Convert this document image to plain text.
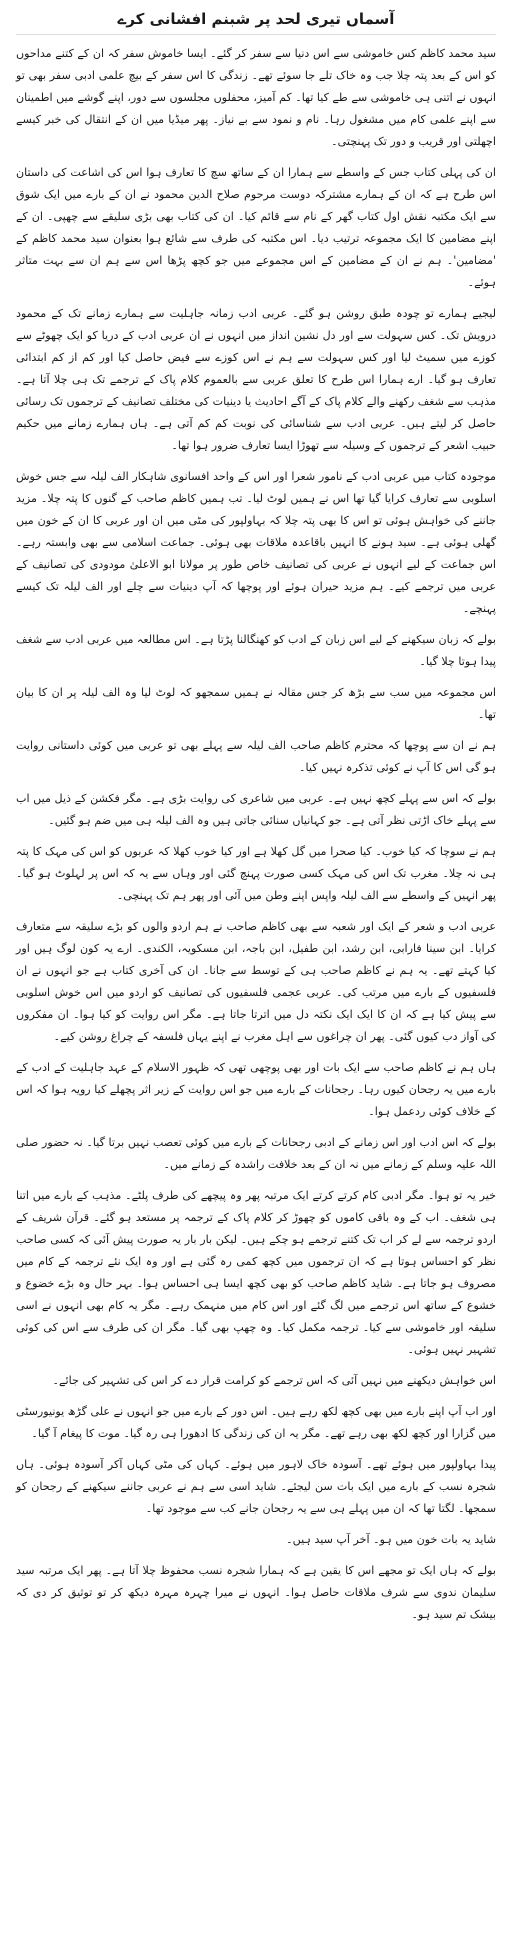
آسماں تیری لحد پر شبنم افشانی کرے

سید محمد کاظم کس خاموشی سے اس دنیا سے سفر کر گئے۔ ایسا خاموش سفر کہ ان کے کتنے مداحوں کو اس کے بعد پتہ چلا جب وہ خاک تلے جا سوئے تھے۔ زندگی کا اس سفر کے بیچ علمی ادبی سفر بھی تو انہوں نے اتنی ہی خاموشی سے طے کیا تھا۔ کم آمیز، محفلوں مجلسوں سے دور، اپنے گوشے میں اطمینان سے اپنے علمی کام میں مشغول رہا۔ نام و نمود سے بے نیاز۔ پھر میڈیا میں ان کے انتقال کی خبر کیسے اچھلتی اور قریب و دور تک پہنچتی۔

ان کی پہلی کتاب جس کے واسطے سے ہمارا ان کے ساتھ سچ کا تعارف ہوا اس کی اشاعت کی داستان اس طرح ہے کہ ان کے ہمارے مشترکہ دوست مرحوم صلاح الدین محمود نے ان کے بارے میں ایک شوق سے ایک مکتبہ نقش اول کتاب گھر کے نام سے قائم کیا۔ ان کی کتاب بھی بڑی سلیقے سے چھپی۔ ان کے اپنے مضامین کا ایک مجموعہ ترتیب دیا۔ اس مکتبہ کی طرف سے شائع ہوا بعنوان سید محمد کاظم کے 'مضامین'۔ ہم نے ان کے مضامین کے اس مجموعے میں جو کچھ پڑھا اس سے ہم ان سے بہت متاثر ہوئے۔

لیجیے ہمارے تو چودہ طبق روشن ہو گئے۔ عربی ادب زمانہ جاہلیت سے ہمارے زمانے تک کے محمود درویش تک۔ کس سہولت سے اور دل نشین انداز میں انہوں نے ان عربی ادب کے دریا کو ایک چھوٹے سے کوزے میں سمیٹ لیا اور کس سہولت سے ہم نے اس کوزے سے فیض حاصل کیا اور کم از کم ابتدائی تعارف ہو گیا۔ ارے ہمارا اس طرح کا تعلق عربی سے بالعموم کلام پاک کے ترجمے تک ہی چلا آتا ہے۔ مذہب سے شغف رکھنے والے کلام پاک کے آگے احادیث یا دینیات کی مختلف تصانیف کے ترجموں تک رسائی حاصل کر لیتے ہیں۔ عربی ادب سے شناسائی کی نوبت کم کم آتی ہے۔ ہاں ہمارے زمانے میں حکیم حبیب اشعر کے ترجموں کے وسیلہ سے تھوڑا ایسا تعارف ضرور ہوا تھا۔

موجودہ کتاب میں عربی ادب کے نامور شعرا اور اس کے واحد افسانوی شاہکار الف لیلہ سے جس خوش اسلوبی سے تعارف کرایا گیا تھا اس نے ہمیں لوٹ لیا۔ تب ہمیں کاظم صاحب کے گنوں کا پتہ چلا۔ مزید جاننے کی خواہش ہوئی تو اس کا بھی پتہ چلا کہ بہاولپور کی مٹی میں ان اور عربی کا ان کے خون میں گھلی ہوئی ہے۔ سید ہونے کا انہیں باقاعدہ ملاقات بھی ہوئی۔ جماعت اسلامی سے بھی وابستہ رہے۔ اس جماعت کے لیے انہوں نے عربی کی تصانیف خاص طور پر مولانا ابو الاعلیٰ مودودی کی تصانیف کے عربی میں ترجمے کیے۔ ہم مزید حیران ہوئے اور پوچھا کہ آپ دینیات سے چلے اور الف لیلہ تک کیسے پہنچے۔

بولے کہ زبان سیکھنے کے لیے اس زبان کے ادب کو کھنگالنا پڑتا ہے۔ اس مطالعہ میں عربی ادب سے شغف پیدا ہوتا چلا گیا۔

اس مجموعہ میں سب سے بڑھ کر جس مقالہ نے ہمیں سمجھو کہ لوٹ لیا وہ الف لیلہ پر ان کا بیان تھا۔

ہم نے ان سے پوچھا کہ محترم کاظم صاحب الف لیلہ سے پہلے بھی تو عربی میں کوئی داستانی روایت ہو گی اس کا آپ نے کوئی تذکرہ نہیں کیا۔

بولے کہ اس سے پہلے کچھ نہیں ہے۔ عربی میں شاعری کی روایت بڑی ہے۔ مگر فکشن کے ذیل میں اب سے پہلے خاک اڑتی نظر آتی ہے۔ جو کہانیاں سنائی جاتی ہیں وہ الف لیلہ ہی میں ضم ہو گئیں۔

ہم نے سوچا کہ کیا خوب۔ کیا صحرا میں گل کھلا ہے اور کیا خوب کھلا کہ عربوں کو اس کی مہک کا پتہ ہی نہ چلا۔ مغرب تک اس کی مہک کسی صورت پہنچ گئی اور وہاں سے یہ کہ اس پر لہلوٹ ہو گیا۔ پھر انہیں کے واسطے سے الف لیلہ واپس اپنے وطن میں آئی اور پھر ہم تک پہنچی۔

عربی ادب و شعر کے ایک اور شعبہ سے بھی کاظم صاحب نے ہم اردو والوں کو بڑے سلیقہ سے متعارف کرایا۔ ابن سینا فارابی، ابن رشد، ابن طفیل، ابن باجہ، ابن مسکویہ، الکندی۔ ارے یہ کون لوگ ہیں اور کیا کہتے تھے۔ یہ ہم نے کاظم صاحب ہی کے توسط سے جانا۔ ان کی آخری کتاب ہے جو انہوں نے ان فلسفیوں کے بارے میں مرتب کی۔ عربی عجمی فلسفیوں کی تصانیف کو اردو میں اس خوش اسلوبی سے پیش کیا ہے کہ ان کا ایک ایک نکتہ دل میں اترتا جاتا ہے۔ مگر اس روایت کو کیا ہوا۔ ان مفکروں کی آواز دب کیوں گئی۔ پھر ان چراغوں سے اہل مغرب نے اپنے یہاں فلسفہ کے چراغ روشن کیے۔

ہاں ہم نے کاظم صاحب سے ایک بات اور بھی پوچھی تھی کہ ظہور الاسلام کے عہد جاہلیت کے ادب کے بارے میں یہ رجحان کیوں رہا۔ رجحانات کے بارے میں جو اس روایت کے زیر اثر پچھلے کیا رویہ ہوا کہ اس کے خلاف کوئی ردعمل ہوا۔

بولے کہ اس ادب اور اس زمانے کے ادبی رجحانات کے بارے میں کوئی تعصب نہیں برتا گیا۔ نہ حضور صلی اللہ علیہ وسلم کے زمانے میں نہ ان کے بعد خلافت راشدہ کے زمانے میں۔

خیر یہ تو ہوا۔ مگر ادبی کام کرتے کرتے ایک مرتبہ پھر وہ پیچھے کی طرف پلٹے۔ مذہب کے بارے میں اتنا ہی شغف۔ اب کے وہ باقی کاموں کو چھوڑ کر کلام پاک کے ترجمہ پر مستعد ہو گئے۔ قرآن شریف کے اردو ترجمہ سے لے کر اب تک کتنے ترجمے ہو چکے ہیں۔ لیکن بار بار یہ صورت پیش آئی کہ کسی صاحب نظر کو احساس ہوتا ہے کہ ان ترجموں میں کچھ کمی رہ گئی ہے اور وہ ایک نئے ترجمہ کے کام میں مصروف ہو جاتا ہے۔ شاید کاظم صاحب کو بھی کچھ ایسا ہی احساس ہوا۔ بہر حال وہ بڑے خضوع و خشوع کے ساتھ اس ترجمے میں لگ گئے اور اس کام میں منہمک رہے۔ مگر یہ کام بھی انہوں نے اسی سلیقہ اور خاموشی سے کیا۔ ترجمہ مکمل کیا۔ وہ چھپ بھی گیا۔ مگر ان کی طرف سے اس کی کوئی تشہیر نہیں ہوئی۔

اس خواہش دیکھنے میں نہیں آئی کہ اس ترجمے کو کرامت قرار دے کر اس کی تشہیر کی جائے۔

اور اب آپ اپنے بارے میں بھی کچھ لکھ رہے ہیں۔ اس دور کے بارے میں جو انہوں نے علی گڑھ یونیورسٹی میں گزارا اور کچھ لکھ بھی رہے تھے۔ مگر یہ ان کی زندگی کا ادھورا ہی رہ گیا۔ موت کا پیغام آ گیا۔

پیدا بہاولپور میں ہوئے تھے۔ آسودہ خاک لاہور میں ہوئے۔ کہاں کی مٹی کہاں آکر آسودہ ہوئی۔ ہاں شجرہ نسب کے بارے میں ایک بات سن لیجئے۔ شاید اسی سے ہم نے عربی جاننے سیکھنے کے رجحان کو سمجھا۔ لگتا تھا کہ ان میں پہلے ہی سے یہ رجحان جانے کب سے موجود تھا۔

شاید یہ بات خون میں ہو۔ آخر آپ سید ہیں۔

بولے کہ ہاں ایک تو مجھے اس کا یقین ہے کہ ہمارا شجرہ نسب محفوظ چلا آتا ہے۔ پھر ایک مرتبہ سید سلیمان ندوی سے شرف ملاقات حاصل ہوا۔ انہوں نے میرا چہرہ مہرہ دیکھ کر تو توثیق کر دی کہ بیشک تم سید ہو۔
